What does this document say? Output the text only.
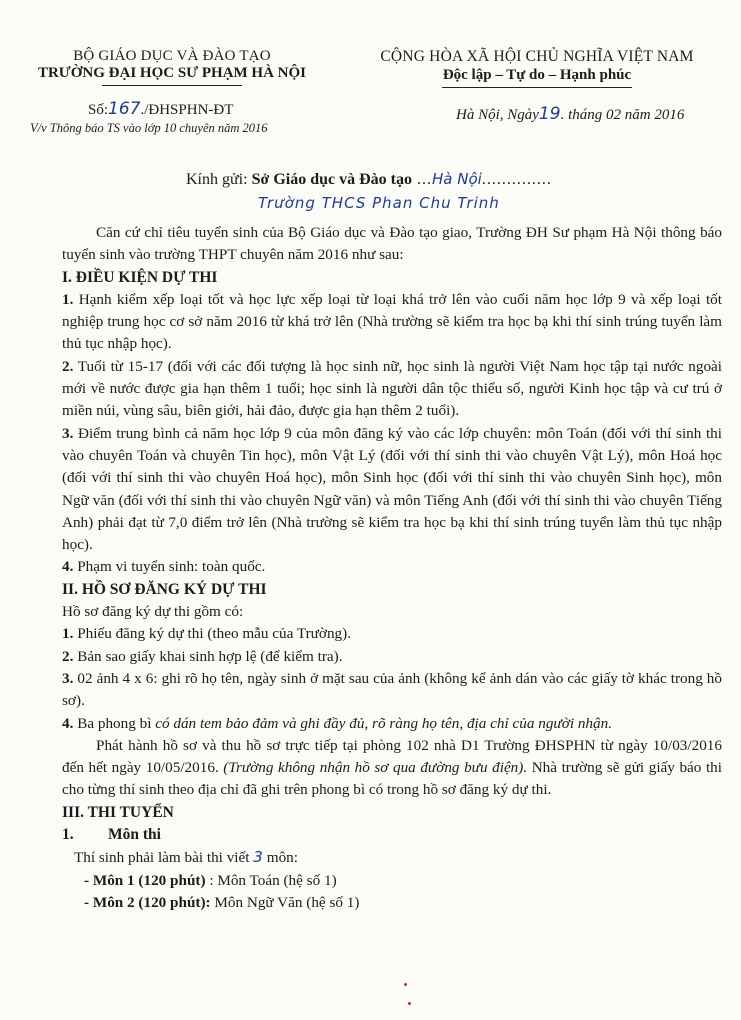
BỘ GIÁO DỤC VÀ ĐÀO TẠO
TRƯỜNG ĐẠI HỌC SƯ PHẠM HÀ NỘI
CỘNG HÒA XÃ HỘI CHỦ NGHĨA VIỆT NAM
Độc lập – Tự do – Hạnh phúc
Số:167./ĐHSPHN-ĐT
V/v Thông báo TS vào lớp 10 chuyên năm 2016
Hà Nội, Ngày19. tháng 02 năm 2016
Kính gửi: Sở Giáo dục và Đào tạo ...Hà Nội..............
Trường THCS Phan Chu Trinh

Căn cứ chỉ tiêu tuyển sinh của Bộ Giáo dục và Đào tạo giao, Trường ĐH Sư phạm Hà Nội thông báo tuyển sinh vào trường THPT chuyên năm 2016 như sau:

I. ĐIỀU KIỆN DỰ THI

1. Hạnh kiểm xếp loại tốt và học lực xếp loại từ loại khá trở lên vào cuối năm học lớp 9 và xếp loại tốt nghiệp trung học cơ sở năm 2016 từ khá trở lên (Nhà trường sẽ kiểm tra học bạ khi thí sinh trúng tuyển làm thủ tục nhập học).

2. Tuổi từ 15-17 (đối với các đối tượng là học sinh nữ, học sinh là người Việt Nam học tập tại nước ngoài mới về nước được gia hạn thêm 1 tuổi; học sinh là người dân tộc thiểu số, người Kinh học tập và cư trú ở miền núi, vùng sâu, biên giới, hải đảo, được gia hạn thêm 2 tuổi).

3. Điểm trung bình cả năm học lớp 9 của môn đăng ký vào các lớp chuyên: môn Toán (đối với thí sinh thi vào chuyên Toán và chuyên Tin học), môn Vật Lý (đối với thí sinh thi vào chuyên Vật Lý), môn Hoá học (đối với thí sinh thi vào chuyên Hoá học), môn Sinh học (đối với thí sinh thi vào chuyên Sinh học), môn Ngữ văn (đối với thí sinh thi vào chuyên Ngữ văn) và môn Tiếng Anh (đối với thí sinh thi vào chuyên Tiếng Anh) phải đạt từ 7,0 điểm trở lên (Nhà trường sẽ kiểm tra học bạ khi thí sinh trúng tuyển làm thủ tục nhập học).

4. Phạm vi tuyển sinh: toàn quốc.

II. HỒ SƠ ĐĂNG KÝ DỰ THI

Hồ sơ đăng ký dự thi gồm có:

1. Phiếu đăng ký dự thi (theo mẫu của Trường).

2. Bản sao giấy khai sinh hợp lệ (để kiểm tra).

3. 02 ảnh 4 x 6: ghi rõ họ tên, ngày sinh ở mặt sau của ảnh (không kể ảnh dán vào các giấy tờ khác trong hồ sơ).

4. Ba phong bì có dán tem bảo đảm và ghi đầy đủ, rõ ràng họ tên, địa chỉ của người nhận.

Phát hành hồ sơ và thu hồ sơ trực tiếp tại phòng 102 nhà D1 Trường ĐHSPHN từ ngày 10/03/2016 đến hết ngày 10/05/2016. (Trường không nhận hồ sơ qua đường bưu điện). Nhà trường sẽ gửi giấy báo thi cho từng thí sinh theo địa chỉ đã ghi trên phong bì có trong hồ sơ đăng ký dự thi.

III. THI TUYỂN

1. Môn thi

Thí sinh phải làm bài thi viết 3 môn:

- Môn 1 (120 phút) : Môn Toán (hệ số 1)

- Môn 2 (120 phút): Môn Ngữ Văn (hệ số 1)
